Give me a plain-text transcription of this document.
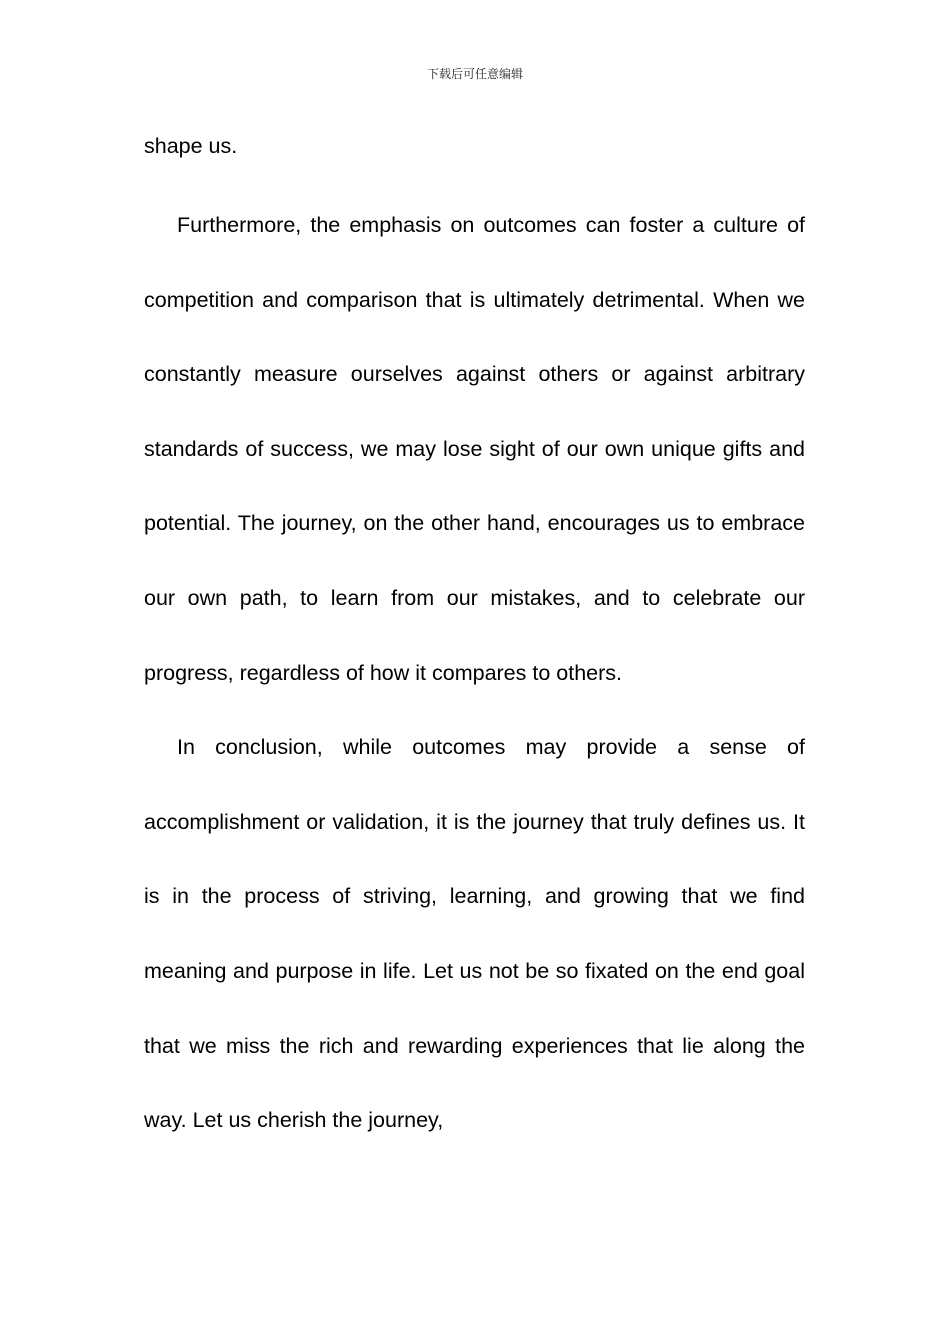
下载后可任意编辑

shape us.

Furthermore, the emphasis on outcomes can foster a culture of competition and comparison that is ultimately detrimental. When we constantly measure ourselves against others or against arbitrary standards of success, we may lose sight of our own unique gifts and potential. The journey, on the other hand, encourages us to embrace our own path, to learn from our mistakes, and to celebrate our progress, regardless of how it compares to others.

In conclusion, while outcomes may provide a sense of accomplishment or validation, it is the journey that truly defines us. It is in the process of striving, learning, and growing that we find meaning and purpose in life. Let us not be so fixated on the end goal that we miss the rich and rewarding experiences that lie along the way. Let us cherish the journey,
